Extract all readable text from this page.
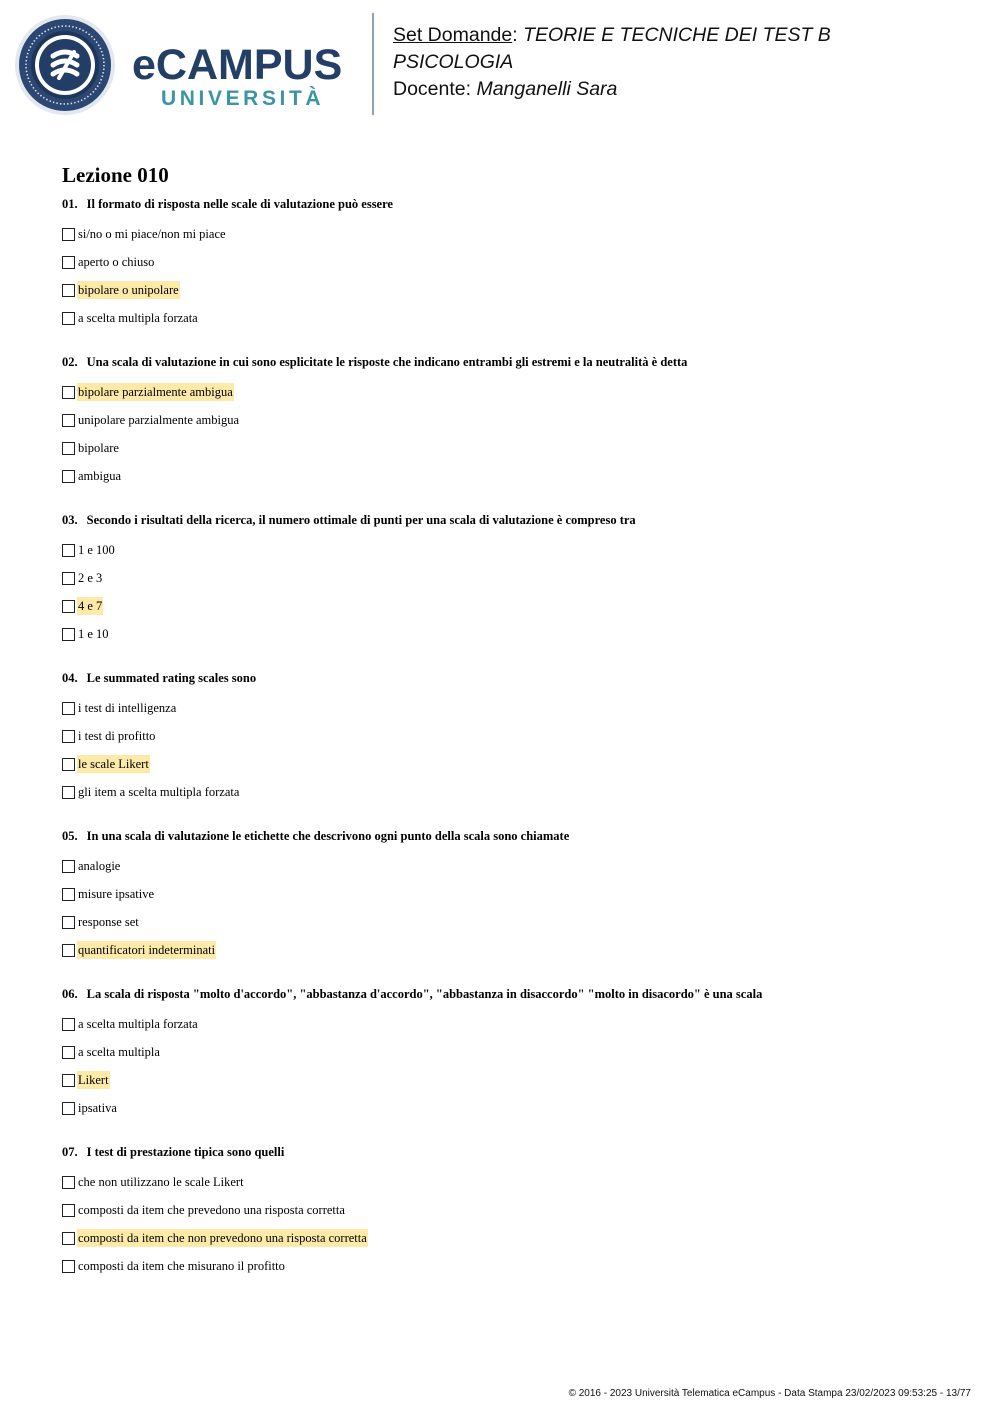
eCAMPUS
UNIVERSITÀ
Set Domande: TEORIE E TECNICHE DEI TEST B PSICOLOGIA
Docente: Manganelli Sara
Lezione 010
01. Il formato di risposta nelle scale di valutazione può essere
si/no o mi piace/non mi piace
aperto o chiuso
bipolare o unipolare
a scelta multipla forzata
02. Una scala di valutazione in cui sono esplicitate le risposte che indicano entrambi gli estremi e la neutralità è detta
bipolare parzialmente ambigua
unipolare parzialmente ambigua
bipolare
ambigua
03. Secondo i risultati della ricerca, il numero ottimale di punti per una scala di valutazione è compreso tra
1 e 100
2 e 3
4 e 7
1 e 10
04. Le summated rating scales sono
i test di intelligenza
i test di profitto
le scale Likert
gli item a scelta multipla forzata
05. In una scala di valutazione le etichette che descrivono ogni punto della scala sono chiamate
analogie
misure ipsative
response set
quantificatori indeterminati
06. La scala di risposta "molto d'accordo", "abbastanza d'accordo", "abbastanza in disaccordo" "molto in disacordo" è una scala
a scelta multipla forzata
a scelta multipla
Likert
ipsativa
07. I test di prestazione tipica sono quelli
che non utilizzano le scale Likert
composti da item che prevedono una risposta corretta
composti da item che non prevedono una risposta corretta
composti da item che misurano il profitto
© 2016 - 2023 Università Telematica eCampus - Data Stampa 23/02/2023 09:53:25 - 13/77
